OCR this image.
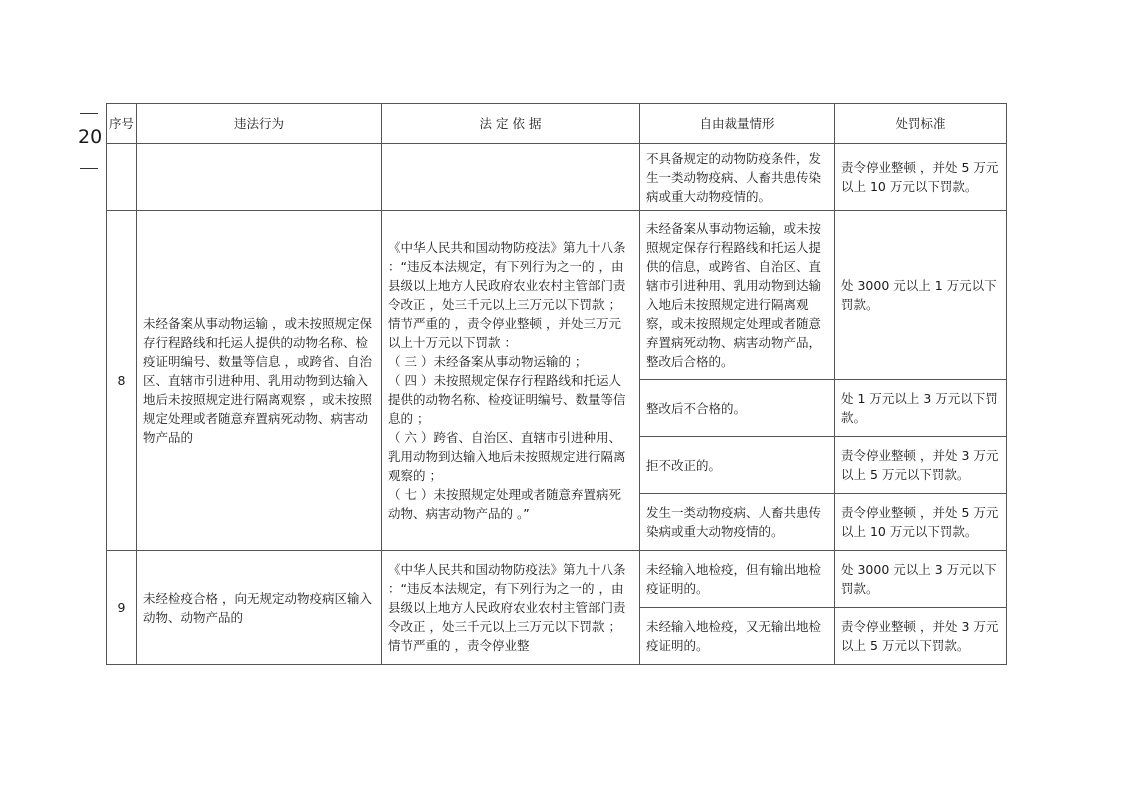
20
序号	违法行为	法 定 依 据	自由裁量情形	处罚标准
			不具备规定的动物防疫条件，发生一类动物疫病、人畜共患传染病或重大动物疫情的。	责令停业整顿 ，并处 5 万元以上 10 万元以下罚款。
8	未经备案从事动物运输 ，或未按照规定保存行程路线和托运人提供的动物名称、检疫证明编号、数量等信息 ，或跨省、自治区、直辖市引进种用、乳用动物到达输入地后未按照规定进行隔离观察 ，或未按照规定处理或者随意弃置病死动物、病害动物产品的	《中华人民共和国动物防疫法》第九十八条 ：“违反本法规定，有下列行为之一的 ，由县级以上地方人民政府农业农村主管部门责令改正 ，处三千元以上三万元以下罚款 ；情节严重的 ，责令停业整顿 ，并处三万元以上十万元以下罚款 ：
（ 三 ）未经备案从事动物运输的 ；
（ 四 ）未按照规定保存行程路线和托运人提供的动物名称、检疫证明编号、数量等信息的 ；
（ 六 ）跨省、自治区、直辖市引进种用、乳用动物到达输入地后未按照规定进行隔离观察的 ；
（ 七 ）未按照规定处理或者随意弃置病死动物、病害动物产品的 。”	未经备案从事动物运输，或未按照规定保存行程路线和托运人提供的信息，或跨省、自治区、直辖市引进种用、乳用动物到达输入地后未按照规定进行隔离观察，或未按照规定处理或者随意弃置病死动物、病害动物产品，整改后合格的。	处 3000 元以上 1 万元以下罚款。
			整改后不合格的。	处 1 万元以上 3 万元以下罚款。
			拒不改正的。	责令停业整顿 ，并处 3 万元以上 5 万元以下罚款。
			发生一类动物疫病、人畜共患传染病或重大动物疫情的。	责令停业整顿 ，并处 5 万元以上 10 万元以下罚款。
9	未经检疫合格 ，向无规定动物疫病区输入动物、动物产品的	《中华人民共和国动物防疫法》第九十八条 ：“违反本法规定，有下列行为之一的 ，由县级以上地方人民政府农业农村主管部门责令改正 ，处三千元以上三万元以下罚款 ；情节严重的 ，责令停业整	未经输入地检疫，但有输出地检疫证明的。	处 3000 元以上 3 万元以下罚款。
			未经输入地检疫，又无输出地检疫证明的。	责令停业整顿 ，并处 3 万元以上 5 万元以下罚款。
